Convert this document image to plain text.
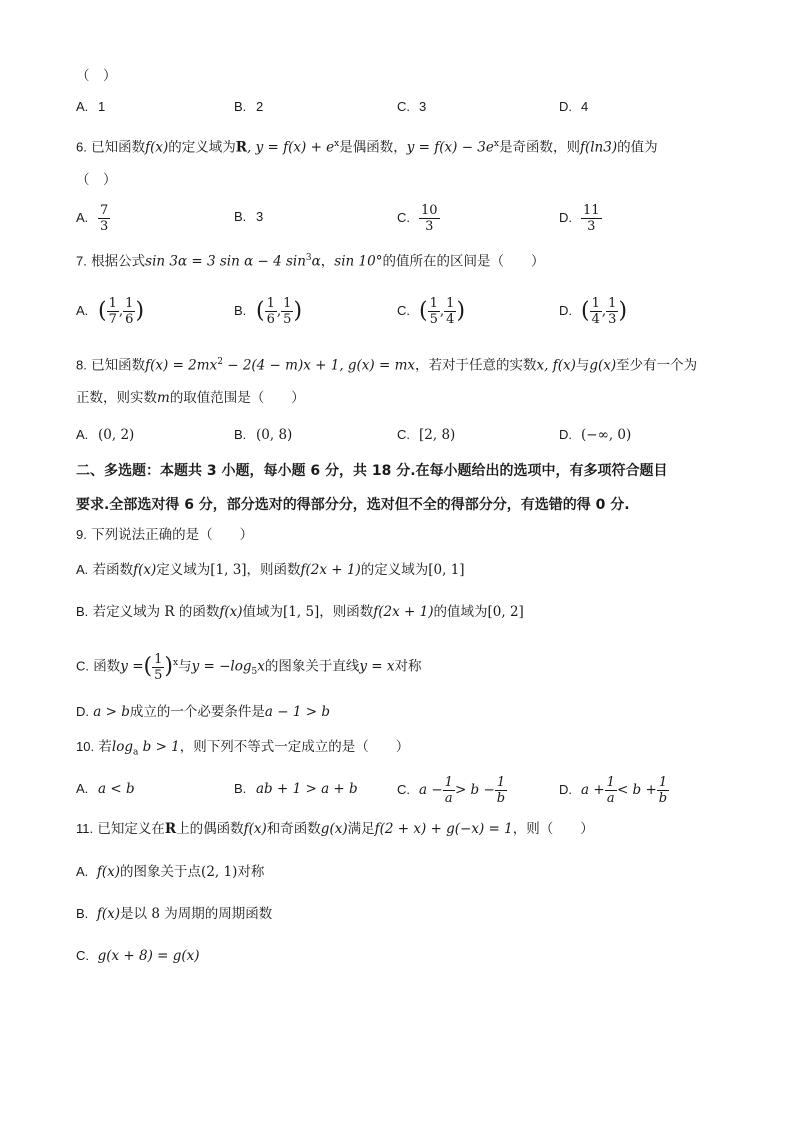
（　）
A. 1	B. 2	C. 3	D. 4
6. 已知函数f(x)的定义域为R, $y = f(x) + e^x$是偶函数，$y = f(x) - 3e^x$是奇函数，则f(ln3)的值为
（　）
A. $\frac{7}{3}$	B. 3	C. $\frac{10}{3}$	D. $\frac{11}{3}$
7. 根据公式sin 3α = 3 sin α − 4 $\sin^3\alpha$，sin 10°的值所在的区间是（　　）
A. ( $\frac{1}{7}$ , $\frac{1}{6}$ )	B. ( $\frac{1}{6}$ , $\frac{1}{5}$ )	C. ( $\frac{1}{5}$ , $\frac{1}{4}$ )	D. ( $\frac{1}{4}$ , $\frac{1}{3}$ )
8. 已知函数$f(x) = 2mx^2 - 2(4 - m)x + 1$, g(x) = mx，若对于任意的实数x, f(x)与g(x)至少有一个为
正数，则实数m的取值范围是（　　）
A. (0, 2)	B. (0, 8)	C. [2, 8)	D. (−∞, 0)
二、多选题：本题共 3 小题，每小题 6 分，共 18 分.在每小题给出的选项中，有多项符合题目
要求.全部选对得 6 分，部分选对的得部分分，选对但不全的得部分分，有选错的得 0 分.
9. 下列说法正确的是（　　）
A. 若函数f(x)定义域为[1, 3]，则函数f(2x + 1)的定义域为[0, 1]
B. 若定义域为 R 的函数f(x)值域为[1, 5]，则函数f(2x + 1)的值域为[0, 2]
C. 函数y =( $\frac{1}{5} )^x$与$y = -\log_5x$的图象关于直线y = x对称
D. a > b成立的一个必要条件是a − 1 > b
10. 若$\log_a b > 1$，则下列不等式一定成立的是（　　）
A. a < b	B. ab + 1 > a + b	C. $a - \frac{1}{a} > b - \frac{1}{b}$	D. $a + \frac{1}{a} < b + \frac{1}{b}$
11. 已知定义在R上的偶函数f(x)和奇函数g(x)满足f(2 + x) + g(−x) = 1，则（　　）
A. f(x)的图象关于点(2, 1)对称
B. f(x)是以 8 为周期的周期函数
C. g(x + 8) = g(x)
